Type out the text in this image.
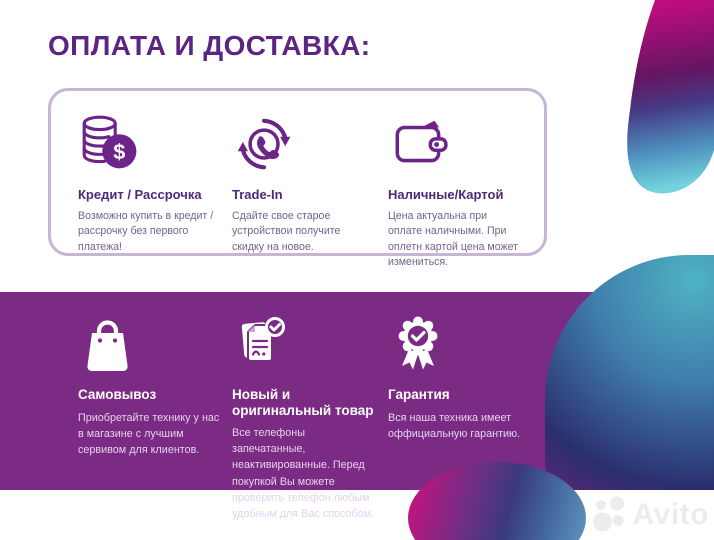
ОПЛАТА И ДОСТАВКА:
$
Кредит / Рассрочка
Возможно купить в кредит / рассрочку без первого платежа!
Trade-In
Сдайте свое старое устройствои получите скидку на новое.
Наличные/Картой
Цена актуальна при оплате наличными. При оплетн картой цена может измениться.
Самовывоз
Приобретайте технику у нас в магазине с лучшим сервивом для клиентов.
Новый и оригинальный товар
Все телефоны запечатанные, неактивированные. Перед покупкой Вы можете проверить телефон любым удобным для Вас способом.
Гарантия
Вся наша техника имеет оффициальную гарантию.
Avito
